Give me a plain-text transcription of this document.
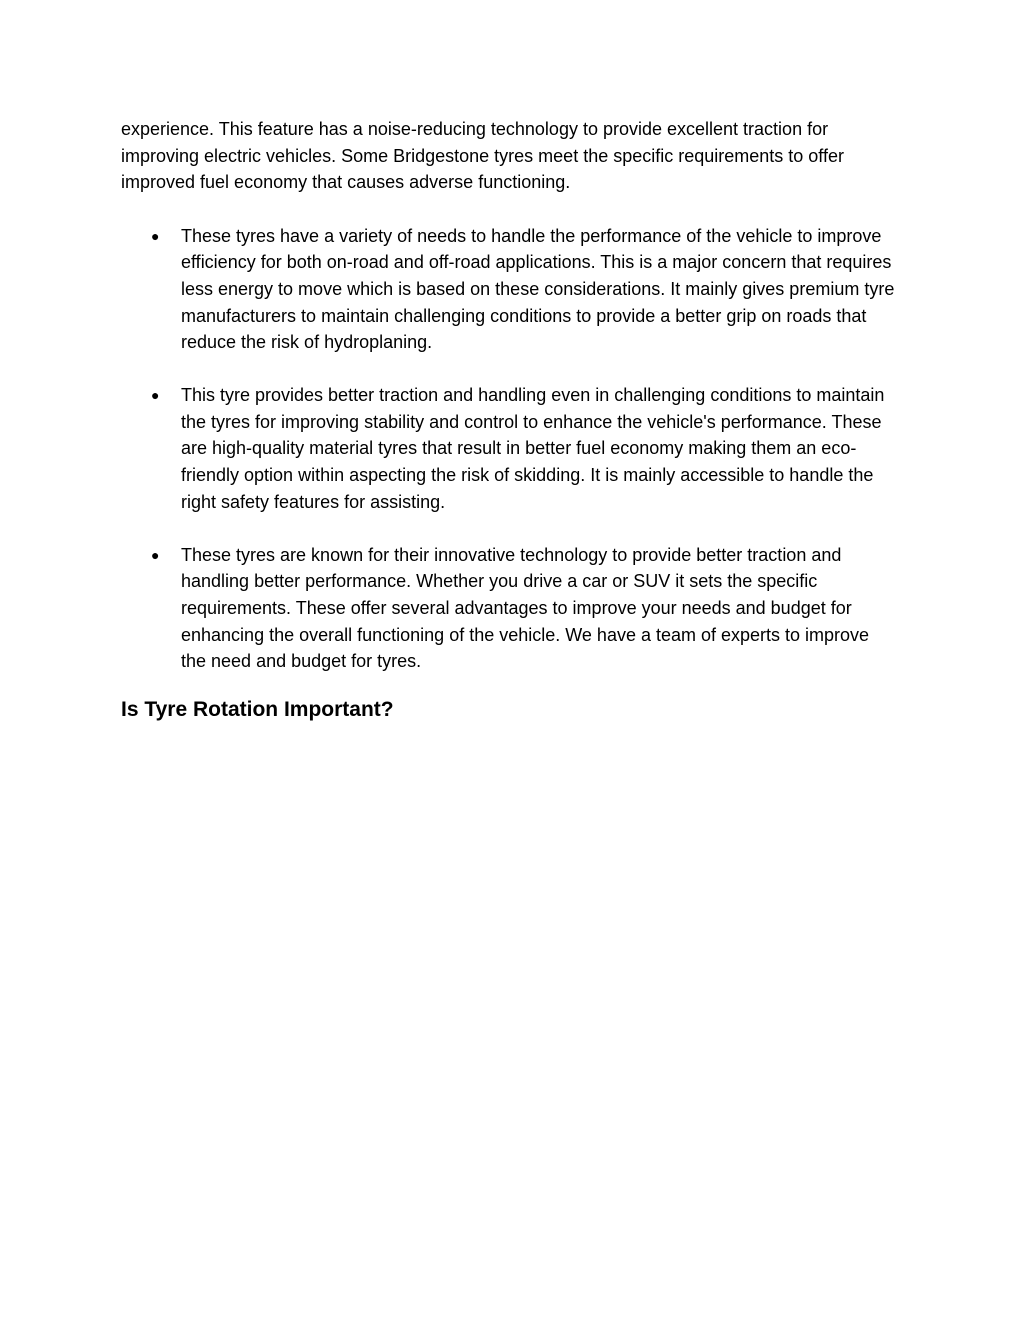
experience. This feature has a noise-reducing technology to provide excellent traction for improving electric vehicles. Some Bridgestone tyres meet the specific requirements to offer improved fuel economy that causes adverse functioning.

● These tyres have a variety of needs to handle the performance of the vehicle to improve efficiency for both on-road and off-road applications. This is a major concern that requires less energy to move which is based on these considerations. It mainly gives premium tyre manufacturers to maintain challenging conditions to provide a better grip on roads that reduce the risk of hydroplaning.
● This tyre provides better traction and handling even in challenging conditions to maintain the tyres for improving stability and control to enhance the vehicle's performance. These are high-quality material tyres that result in better fuel economy making them an eco-friendly option within aspecting the risk of skidding. It is mainly accessible to handle the right safety features for assisting.
● These tyres are known for their innovative technology to provide better traction and handling better performance. Whether you drive a car or SUV it sets the specific requirements. These offer several advantages to improve your needs and budget for enhancing the overall functioning of the vehicle. We have a team of experts to improve the need and budget for tyres.
Is Tyre Rotation Important?
